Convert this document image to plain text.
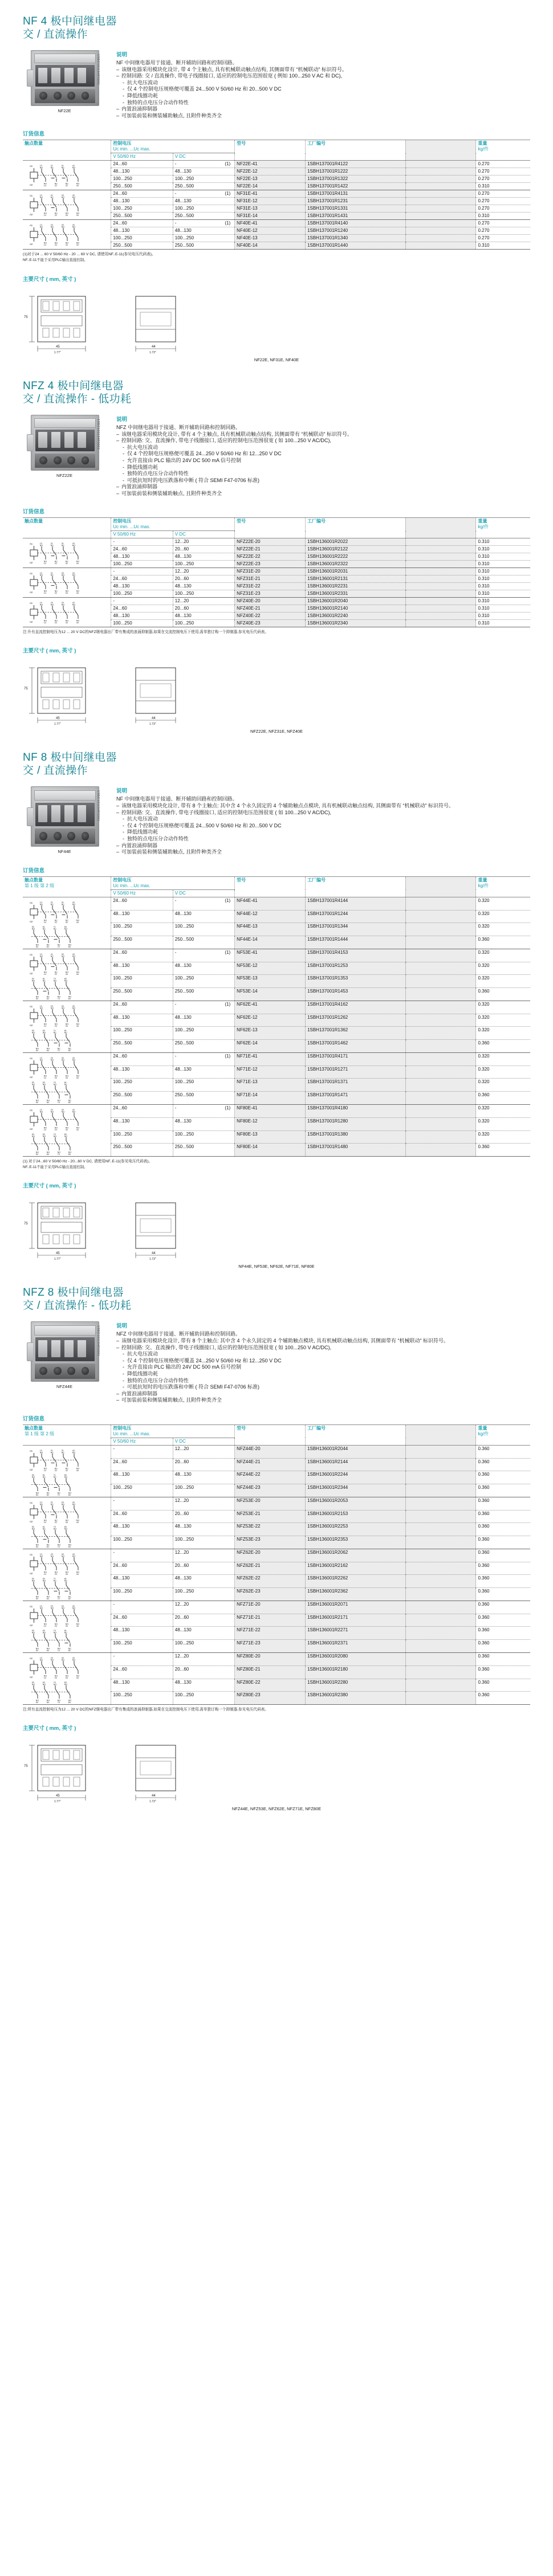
NF 4 极中间继电器
交 / 直流操作
1SBC101104F0001
NF22E
说明

NF 中间继电器用于接通、断开辅助回路和控制回路。

– 该继电器采用模块化设计, 带 4 个主触点, 具有机械联动触点结构, 其侧面带有 “机械联动” 标识符号。
– 控制回路: 交 / 直流操作, 带电子线圈接口, 适应的控制电压范围很宽 ( 例如 100...250 V AC 和 DC),
- 抗大电压波动
- 仅 4 个控制电压规格便可覆盖 24...500 V 50/60 Hz 和 20...500 V DC
- 降低线圈功耗
- 独特的点电压分合动作特性
– 内置浪涌抑制器
– 可加装前装和侧装辅助触点, 且附件种类齐全
订货信息
触点数量	控制电压
Uc min. ...Uc max.
	型号	工厂编号		重量
kg/件

	V 50/60 Hz	V DC				

A1
A2
13
NO
NO
14
21
NC
NC
22
31
NC
NC
32
43
NO
NO
44
	24...60	-	(1)	NF22E-41	1SBH137001R4122		0.270
	48...130	48...130	NF22E-12	1SBH137001R1222		0.270
	100...250	100...250	NF22E-13	1SBH137001R1322		0.270
	250...500	250...500	NF22E-14	1SBH137001R1422		0.310

A1
A2
13
NO
NO
14
21
NC
NC
22
33
NO
NO
34
43
NO
NO
44
	24...60	-	(1)	NF31E-41	1SBH137001R4131		0.270
	48...130	48...130	NF31E-12	1SBH137001R1231		0.270
	100...250	100...250	NF31E-13	1SBH137001R1331		0.270
	250...500	250...500	NF31E-14	1SBH137001R1431		0.310

A1
A2
13
NO
NO
14
23
NO
NO
24
33
NO
NO
34
43
NO
NO
44
	24...60	-	(1)	NF40E-41	1SBH137001R4140		0.270
	48...130	48...130	NF40E-12	1SBH137001R1240		0.270
	100...250	100...250	NF40E-13	1SBH137001R1340		0.270
	250...500	250...500	NF40E-14	1SBH137001R1440		0.310
(1)对于24 ... 60 V 50/60 Hz - 20 ... 60 V DC, 请使用NF..E-11(参见电压代码表)。
NF..E-11不能于采用PLC输出直接控制。
主要尺寸 ( mm, 英寸 )
45
1.77"
75
44
1.73"
NF22E, NF31E, NF40E
NFZ 4 极中间继电器
交 / 直流操作 - 低功耗
1SBC101104F0001
NFZ22E
说明

NFZ 中间继电器用于接通、断开辅助回路和控制回路。

– 该继电器采用模块化设计, 带有 4 个主触点, 具有机械联动触点结构, 其侧面带有 “机械联动” 标识符号。
– 控制回路: 交、直流操作, 带电子线圈接口, 适应的控制电压范围很宽 ( 如 100...250 V AC/DC),
- 抗大电压波动
- 仅 4 个控制电压规格便可覆盖 24...250 V 50/60 Hz 和 12...250 V DC
- 允许直接由 PLC 输出的 24V DC 500 mA 信号控制
- 降低线圈功耗
- 独特的点电压分合动作特性
- 可抵抗短时的电压跌落和中断 ( 符合 SEMI F47-0706 标准)
– 内置浪涌抑制器
– 可加装前装和侧装辅助触点, 且附件种类齐全
订货信息
触点数量	控制电压
Uc min. ...Uc max.
	型号	工厂编号		重量
kg/件

	V 50/60 Hz	V DC				

A1
A2
13
NO
NO
14
21
NC
NC
22
31
NC
NC
32
43
NO
NO
44
	-	12...20	NFZ22E-20	1SBH136001R2022		0.310
	24...60	20...60	NFZ22E-21	1SBH136001R2122		0.310
	48...130	48...130	NFZ22E-22	1SBH136001R2222		0.310
	100...250	100...250	NFZ22E-23	1SBH136001R2322		0.310

A1
A2
13
NO
NO
14
21
NC
NC
22
33
NO
NO
34
43
NO
NO
44
	-	12...20	NFZ31E-20	1SBH136001R2031		0.310
	24...60	20...60	NFZ31E-21	1SBH136001R2131		0.310
	48...130	48...130	NFZ31E-22	1SBH136001R2231		0.310
	100...250	100...250	NFZ31E-23	1SBH136001R2331		0.310

A1
A2
13
NO
NO
14
23
NO
NO
24
33
NO
NO
34
43
NO
NO
44
	-	12...20	NFZ40E-20	1SBH136001R2040		0.310
	24...60	20...60	NFZ40E-21	1SBH136001R2140		0.310
	48...130	48...130	NFZ40E-22	1SBH136001R2240		0.310
	100...250	100...250	NFZ40E-23	1SBH136001R2340		0.310
注:升有直流控制电压为12 ... 20 V DC的NFZ继电器出厂带有集成的浪涌抑制器,如果在交流控制电压下使用,需单独订购一个抑制器,参见电压代码表。
主要尺寸 ( mm, 英寸 )
45
1.77"
75
44
1.73"
NFZ22E, NFZ31E, NFZ40E
NF 8 极中间继电器
交 / 直流操作
1SBC101104F0001
NF44E
说明

NF 中间继电器用于接通、断开辅助回路和控制回路。

– 该继电器采用模块化设计, 带有 8 个主触点: 其中含 4 个永久固定的 4 个辅助触点点模块, 具有机械联动触点结构, 其侧面带有 “机械联动” 标识符号。
– 控制回路: 交、直流操作, 带电子线圈接口, 适应的控制电压范围很宽 ( 如 100...250 V AC/DC),
- 抗大电压波动
- 仅 4 个控制电压规格便可覆盖 24...500 V 50/60 Hz 和 20...500 V DC
- 降低线圈功耗
- 独特的点电压分合动作特性
– 内置浪涌抑制器
– 可加装前装和侧装辅助触点, 且附件种类齐全
订货信息
触点数量
第 1 级 第 2 级

控制电压
Uc min. ...Uc max.
	型号	工厂编号		重量
kg/件

	V 50/60 Hz	V DC				

A1
A2
13
NO
NO
14
21
NC
NC
22
31
NC
NC
32
43
NO
NO
44
53
NO
NO
54
61
NC
NC
62
71
NC
NC
72
83
NO
NO
84
	24...60	-	(1)	NF44E-41	1SBH137001R4144		0.320
	48...130	48...130	NF44E-12	1SBH137001R1244		0.320
	100...250	100...250	NF44E-13	1SBH137001R1344		0.320
	250...500	250...500	NF44E-14	1SBH137001R1444		0.360

A1
A2
13
NO
NO
14
21
NC
NC
22
33
NO
NO
34
43
NO
NO
44
53
NO
NO
54
61
NC
NC
62
73
NO
NO
74
83
NO
NO
84
	24...60	-	(1)	NF53E-41	1SBH137001R4153		0.320
	48...130	48...130	NF53E-12	1SBH137001R1253		0.320
	100...250	100...250	NF53E-13	1SBH137001R1353		0.320
	250...500	250...500	NF53E-14	1SBH137001R1453		0.360

A1
A2
13
NO
NO
14
23
NO
NO
24
33
NO
NO
34
43
NO
NO
44
53
NO
NO
54
63
NO
NO
64
71
NC
NC
72
81
NC
NC
82
	24...60	-	(1)	NF62E-41	1SBH137001R4162		0.320
	48...130	48...130	NF62E-12	1SBH137001R1262		0.320
	100...250	100...250	NF62E-13	1SBH137001R1362		0.320
	250...500	250...500	NF62E-14	1SBH137001R1462		0.360

A1
A2
13
NO
NO
14
23
NO
NO
24
33
NO
NO
34
43
NO
NO
44
53
NO
NO
54
63
NO
NO
64
73
NO
NO
74
81
NC
NC
82
	24...60	-	(1)	NF71E-41	1SBH137001R4171		0.320
	48...130	48...130	NF71E-12	1SBH137001R1271		0.320
	100...250	100...250	NF71E-13	1SBH137001R1371		0.320
	250...500	250...500	NF71E-14	1SBH137001R1471		0.360

A1
A2
13
NO
NO
14
23
NO
NO
24
33
NO
NO
34
43
NO
NO
44
53
NO
NO
54
63
NO
NO
64
73
NO
NO
74
83
NO
NO
84
	24...60	-	(1)	NF80E-41	1SBH137001R4180		0.320
	48...130	48...130	NF80E-12	1SBH137001R1280		0.320
	100...250	100...250	NF80E-13	1SBH137001R1380		0.320
	250...500	250...500	NF80E-14	1SBH137001R1480		0.360
(1) 对于24...60 V 50/60 Hz - 20...60 V DC, 请使用NF..E-11(参见电压代码表)。
NF..E-11不能于采用PLC输出直接控制。
主要尺寸 ( mm, 英寸 )
45
1.77"
75
44
1.73"
NF44E, NF53E, NF62E, NF71E, NF80E
NFZ 8 极中间继电器
交 / 直流操作 - 低功耗
1SBC101104F0001
NFZ44E
说明

NFZ 中间继电器用于接通、断开辅助回路和控制回路。

– 该继电器采用模块化设计, 带有 8 个主触点: 其中含 4 个永久固定的 4 个辅助触点模块, 具有机械联动触点结构, 其侧面带有 “机械联动” 标识符号。
– 控制回路: 交、直流操作, 带电子线圈接口, 适应的控制电压范围很宽 ( 如 100...250 V AC/DC),
- 抗大电压波动
- 仅 4 个控制电压规格便可覆盖 24...250 V 50/60 Hz 和 12...250 V DC
- 允许直接由 PLC 输出的 24V DC 500 mA 信号控制
- 降低线圈功耗
- 独特的点电压分合动作特性
- 可抵抗短时的电压跌落和中断 ( 符合 SEMI F47-0706 标准)
– 内置浪涌抑制器
– 可加装前装和侧装辅助触点, 且附件种类齐全
订货信息
触点数量
第 1 级 第 2 级

控制电压
Uc min. ...Uc max.
	型号	工厂编号		重量
kg/件

	V 50/60 Hz	V DC				

A1
A2
13
NO
NO
14
21
NC
NC
22
31
NC
NC
32
43
NO
NO
44
53
NO
NO
54
61
NC
NC
62
71
NC
NC
72
83
NO
NO
84
	-	12...20	NFZ44E-20	1SBH136001R2044		0.360
	24...60	20...60	NFZ44E-21	1SBH136001R2144		0.360
	48...130	48...130	NFZ44E-22	1SBH136001R2244		0.360
	100...250	100...250	NFZ44E-23	1SBH136001R2344		0.360

A1
A2
13
NO
NO
14
21
NC
NC
22
33
NO
NO
34
43
NO
NO
44
53
NO
NO
54
61
NC
NC
62
73
NO
NO
74
83
NO
NO
84
	-	12...20	NFZ53E-20	1SBH136001R2053		0.360
	24...60	20...60	NFZ53E-21	1SBH136001R2153		0.360
	48...130	48...130	NFZ53E-22	1SBH136001R2253		0.360
	100...250	100...250	NFZ53E-23	1SBH136001R2353		0.360

A1
A2
13
NO
NO
14
23
NO
NO
24
33
NO
NO
34
43
NO
NO
44
53
NO
NO
54
63
NO
NO
64
71
NC
NC
72
81
NC
NC
82
	-	12...20	NFZ62E-20	1SBH136001R2062		0.360
	24...60	20...60	NFZ62E-21	1SBH136001R2162		0.360
	48...130	48...130	NFZ62E-22	1SBH136001R2262		0.360
	100...250	100...250	NFZ62E-23	1SBH136001R2362		0.360

A1
A2
13
NO
NO
14
23
NO
NO
24
33
NO
NO
34
43
NO
NO
44
53
NO
NO
54
63
NO
NO
64
73
NO
NO
74
81
NC
NC
82
	-	12...20	NFZ71E-20	1SBH136001R2071		0.360
	24...60	20...60	NFZ71E-21	1SBH136001R2171		0.360
	48...130	48...130	NFZ71E-22	1SBH136001R2271		0.360
	100...250	100...250	NFZ71E-23	1SBH136001R2371		0.360

A1
A2
13
NO
NO
14
23
NO
NO
24
33
NO
NO
34
43
NO
NO
44
53
NO
NO
54
63
NO
NO
64
73
NO
NO
74
83
NO
NO
84
	-	12...20	NFZ80E-20	1SBH136001R2080		0.360
	24...60	20...60	NFZ80E-21	1SBH136001R2180		0.360
	48...130	48...130	NFZ80E-22	1SBH136001R2280		0.360
	100...250	100...250	NFZ80E-23	1SBH136001R2380		0.360
注:所有直流控制电压为12 ... 20 V DC的NFZ继电器出厂带有集成的浪涌抑制器,如果在交流控制电压下使用,需单独订购一个抑制器,参见电压代码表。
主要尺寸 ( mm, 英寸 )
45
1.77"
75
44
1.73"
NFZ44E, NFZ53E, NFZ62E, NFZ71E, NFZ80E
